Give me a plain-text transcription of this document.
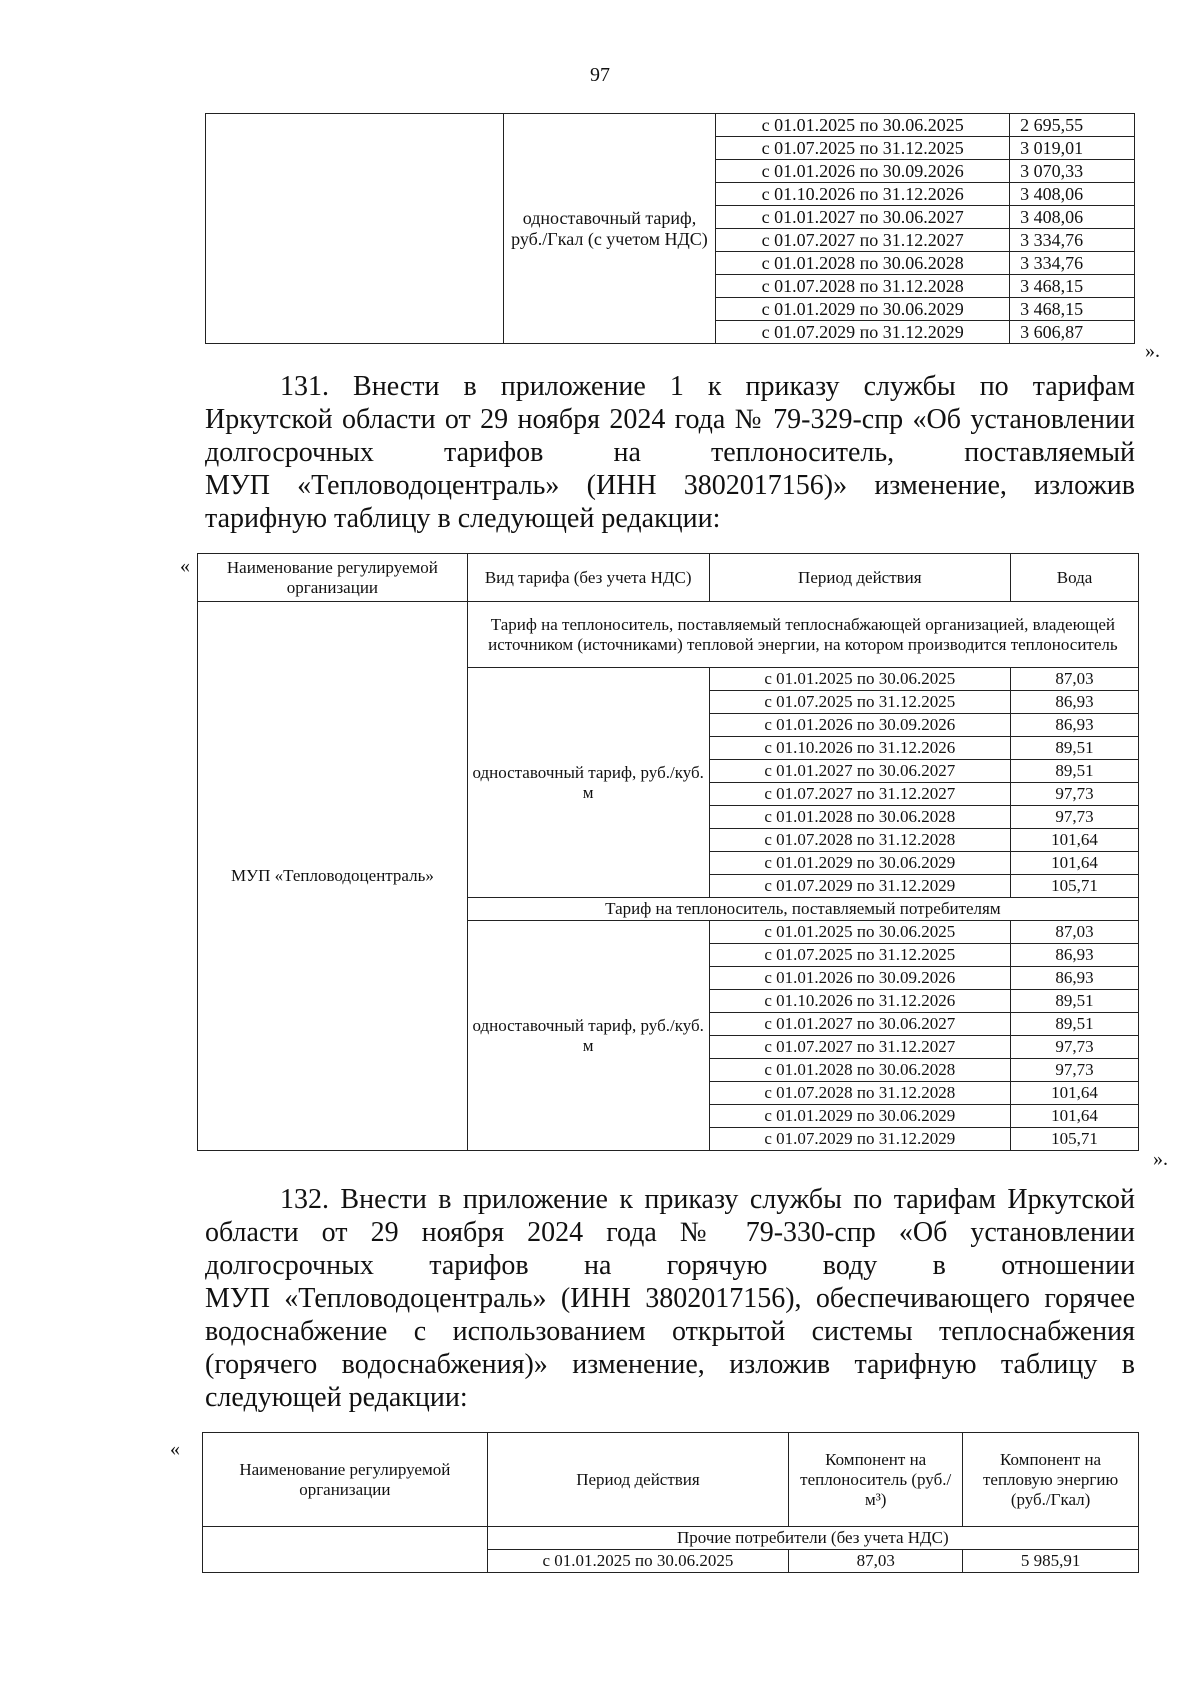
97
	одноставочный тариф, руб./Гкал (с учетом НДС)	с 01.01.2025 по 30.06.2025	2 695,55
		с 01.07.2025 по 31.12.2025	3 019,01
		с 01.01.2026 по 30.09.2026	3 070,33
		с 01.10.2026 по 31.12.2026	3 408,06
		с 01.01.2027 по 30.06.2027	3 408,06
		с 01.07.2027 по 31.12.2027	3 334,76
		с 01.01.2028 по 30.06.2028	3 334,76
		с 01.07.2028 по 31.12.2028	3 468,15
		с 01.01.2029 по 30.06.2029	3 468,15
		с 01.07.2029 по 31.12.2029	3 606,87
».
131. Внести в приложение 1 к приказу службы по тарифам
Иркутской области от 29 ноября 2024 года № 79-329-спр «Об установлении
долгосрочных тарифов на теплоноситель, поставляемый
МУП «Тепловодоцентраль» (ИНН 3802017156)» изменение, изложив
тарифную таблицу в следующей редакции:
« Наименование регулируемой организации	Вид тарифа (без учета НДС)	Период действия	Вода
МУП «Тепловодоцентраль»	Тариф на теплоноситель, поставляемый теплоснабжающей организацией, владеющей источником (источниками) тепловой энергии, на котором производится теплоноситель		
	одноставочный тариф, руб./куб. м	с 01.01.2025 по 30.06.2025	87,03
		с 01.07.2025 по 31.12.2025	86,93
		с 01.01.2026 по 30.09.2026	86,93
		с 01.10.2026 по 31.12.2026	89,51
		с 01.01.2027 по 30.06.2027	89,51
		с 01.07.2027 по 31.12.2027	97,73
		с 01.01.2028 по 30.06.2028	97,73
		с 01.07.2028 по 31.12.2028	101,64
		с 01.01.2029 по 30.06.2029	101,64
		с 01.07.2029 по 31.12.2029	105,71
	Тариф на теплоноситель, поставляемый потребителям		
	одноставочный тариф, руб./куб. м	с 01.01.2025 по 30.06.2025	87,03
		с 01.07.2025 по 31.12.2025	86,93
		с 01.01.2026 по 30.09.2026	86,93
		с 01.10.2026 по 31.12.2026	89,51
		с 01.01.2027 по 30.06.2027	89,51
		с 01.07.2027 по 31.12.2027	97,73
		с 01.01.2028 по 30.06.2028	97,73
		с 01.07.2028 по 31.12.2028	101,64
		с 01.01.2029 по 30.06.2029	101,64
		с 01.07.2029 по 31.12.2029	105,71
».
132. Внести в приложение к приказу службы по тарифам Иркутской
области от 29 ноября 2024 года № 79-330-спр «Об установлении
долгосрочных тарифов на горячую воду в отношении
МУП «Тепловодоцентраль» (ИНН 3802017156), обеспечивающего горячее
водоснабжение с использованием открытой системы теплоснабжения
(горячего водоснабжения)» изменение, изложив тарифную таблицу в
следующей редакции:
«
Наименование регулируемой организации	Период действия	Компонент на теплоноситель (руб./м³)	Компонент на тепловую энергию (руб./Гкал)
	Прочие потребители (без учета НДС)		
	с 01.01.2025 по 30.06.2025	87,03	5 985,91
